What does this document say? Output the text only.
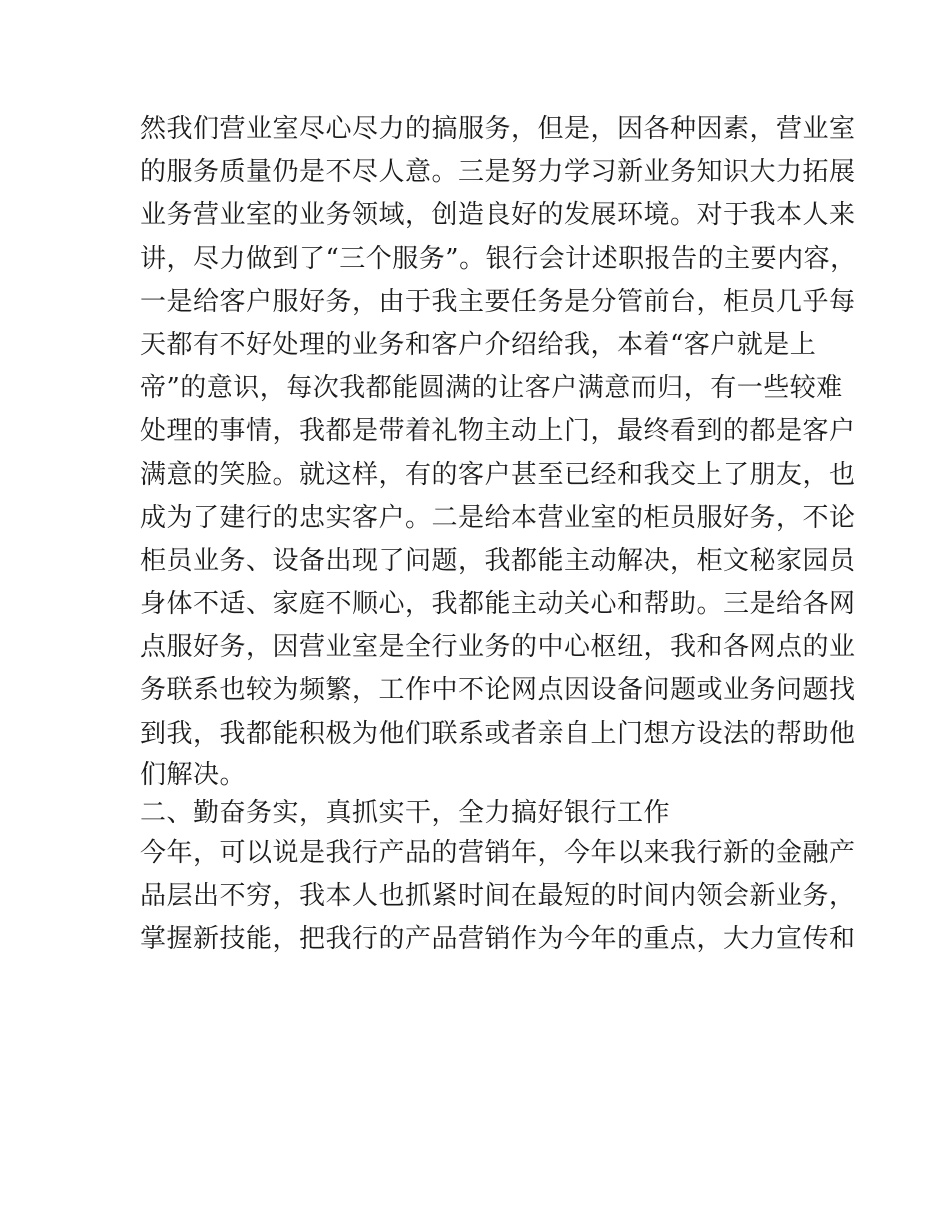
然我们营业室尽心尽力的搞服务，但是，因各种因素，营业室
的服务质量仍是不尽人意。三是努力学习新业务知识大力拓展
业务营业室的业务领域，创造良好的发展环境。对于我本人来
讲，尽力做到了“三个服务”。银行会计述职报告的主要内容，
一是给客户服好务，由于我主要任务是分管前台，柜员几乎每
天都有不好处理的业务和客户介绍给我，本着“客户就是上
帝”的意识，每次我都能圆满的让客户满意而归，有一些较难
处理的事情，我都是带着礼物主动上门，最终看到的都是客户
满意的笑脸。就这样，有的客户甚至已经和我交上了朋友，也
成为了建行的忠实客户。二是给本营业室的柜员服好务，不论
柜员业务、设备出现了问题，我都能主动解决，柜文秘家园员
身体不适、家庭不顺心，我都能主动关心和帮助。三是给各网
点服好务，因营业室是全行业务的中心枢纽，我和各网点的业
务联系也较为频繁，工作中不论网点因设备问题或业务问题找
到我，我都能积极为他们联系或者亲自上门想方设法的帮助他
们解决。
二、勤奋务实，真抓实干，全力搞好银行工作
今年，可以说是我行产品的营销年，今年以来我行新的金融产
品层出不穷，我本人也抓紧时间在最短的时间内领会新业务，
掌握新技能，把我行的产品营销作为今年的重点，大力宣传和
